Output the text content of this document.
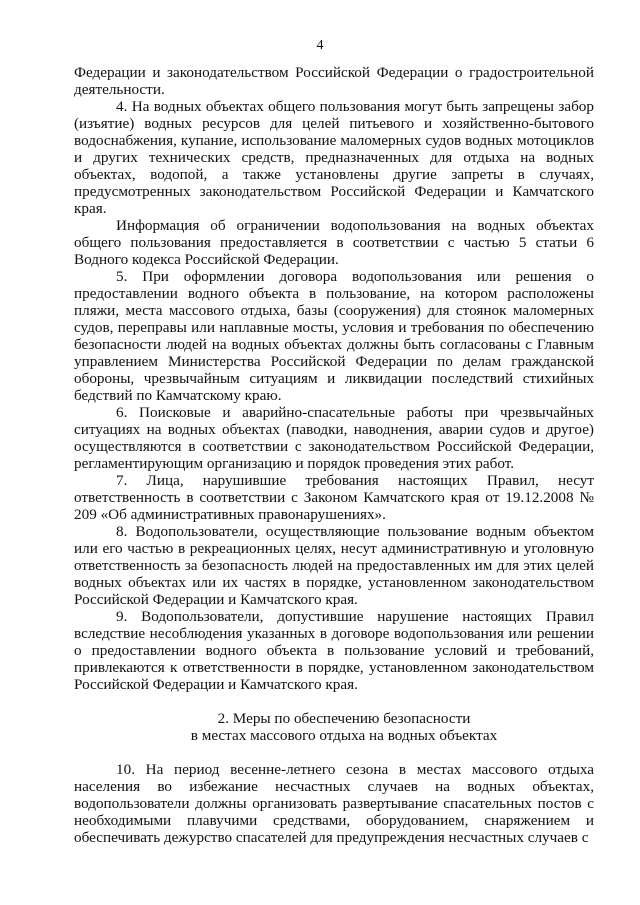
4

Федерации и законодательством Российской Федерации о градостроительной деятельности.

4. На водных объектах общего пользования могут быть запрещены забор (изъятие) водных ресурсов для целей питьевого и хозяйственно-бытового водоснабжения, купание, использование маломерных судов водных мотоциклов и других технических средств, предназначенных для отдыха на водных объектах, водопой, а также установлены другие запреты в случаях, предусмотренных законодательством Российской Федерации и Камчатского края.

Информация об ограничении водопользования на водных объектах общего пользования предоставляется в соответствии с частью 5 статьи 6 Водного кодекса Российской Федерации.

5. При оформлении договора водопользования или решения о предоставлении водного объекта в пользование, на котором расположены пляжи, места массового отдыха, базы (сооружения) для стоянок маломерных судов, переправы или наплавные мосты, условия и требования по обеспечению безопасности людей на водных объектах должны быть согласованы с Главным управлением Министерства Российской Федерации по делам гражданской обороны, чрезвычайным ситуациям и ликвидации последствий стихийных бедствий по Камчатскому краю.

6. Поисковые и аварийно-спасательные работы при чрезвычайных ситуациях на водных объектах (паводки, наводнения, аварии судов и другое) осуществляются в соответствии с законодательством Российской Федерации, регламентирующим организацию и порядок проведения этих работ.

7. Лица, нарушившие требования настоящих Правил, несут ответственность в соответствии с Законом Камчатского края от 19.12.2008 № 209 «Об административных правонарушениях».

8. Водопользователи, осуществляющие пользование водным объектом или его частью в рекреационных целях, несут административную и уголовную ответственность за безопасность людей на предоставленных им для этих целей водных объектах или их частях в порядке, установленном законодательством Российской Федерации и Камчатского края.

9. Водопользователи, допустившие нарушение настоящих Правил вследствие несоблюдения указанных в договоре водопользования или решении о предоставлении водного объекта в пользование условий и требований, привлекаются к ответственности в порядке, установленном законодательством Российской Федерации и Камчатского края.

2. Меры по обеспечению безопасности
в местах массового отдыха на водных объектах

10. На период весенне-летнего сезона в местах массового отдыха населения во избежание несчастных случаев на водных объектах, водопользователи должны организовать развертывание спасательных постов с необходимыми плавучими средствами, оборудованием, снаряжением и обеспечивать дежурство спасателей для предупреждения несчастных случаев с
